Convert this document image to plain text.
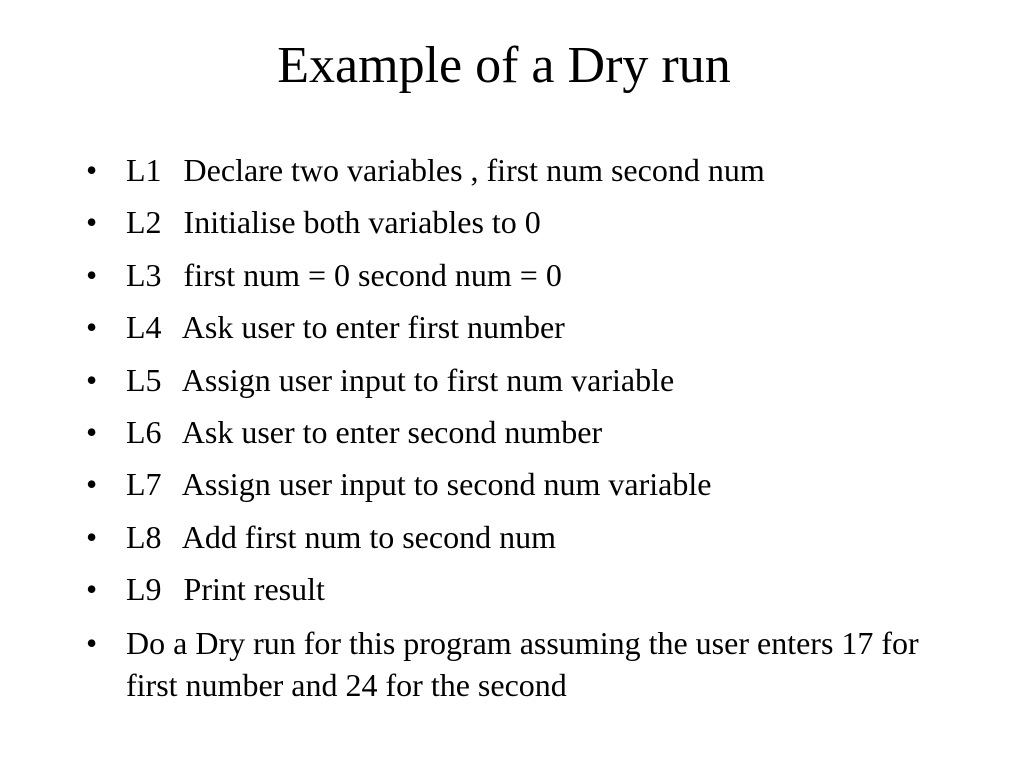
Example of a Dry run
• L1 Declare two variables , first num second num
• L2 Initialise both variables to 0
• L3 first num = 0 second num = 0
• L4 Ask user to enter first number
• L5 Assign user input to first num variable
• L6 Ask user to enter second number
• L7 Assign user input to second num variable
• L8 Add first num to second num
• L9 Print result
• Do a Dry run for this program assuming the user enters 17 for first number and 24 for the second
